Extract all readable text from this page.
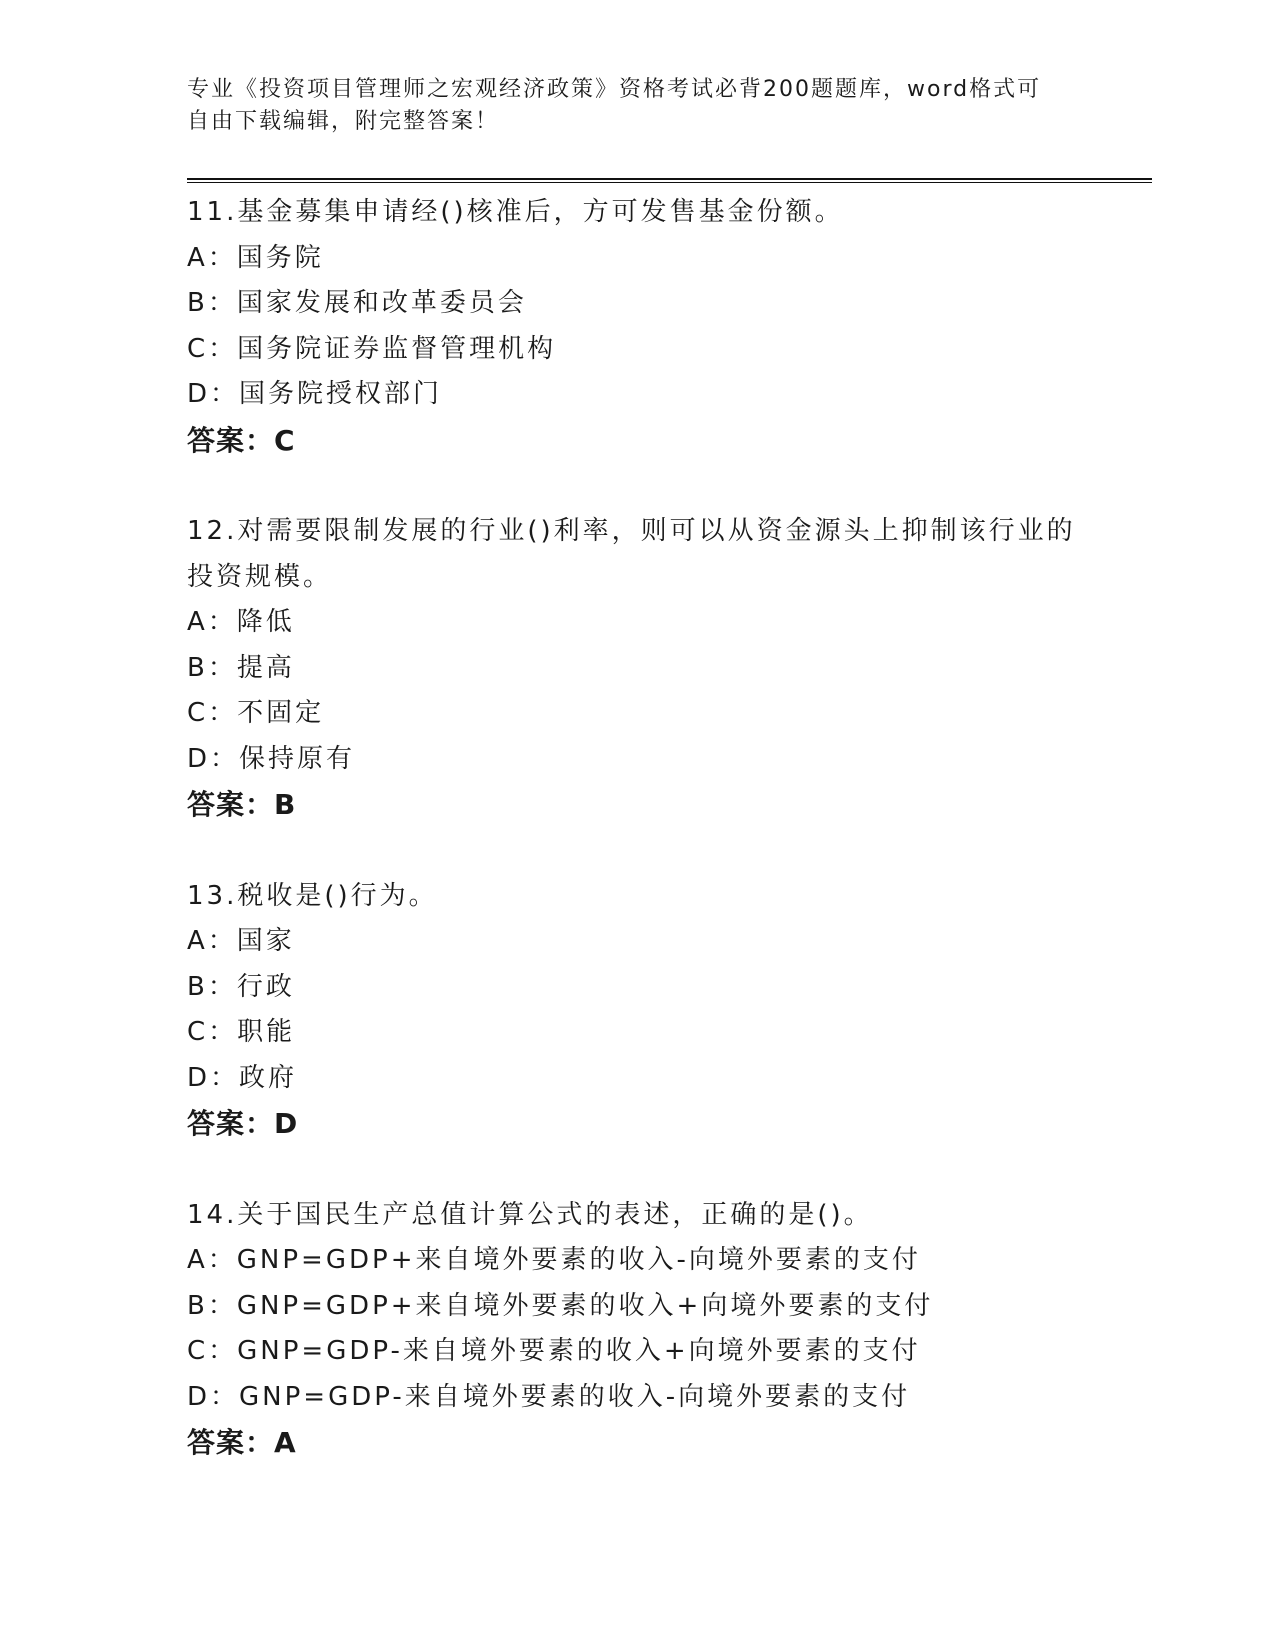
专业《投资项目管理师之宏观经济政策》资格考试必背200题题库，word格式可
自由下载编辑，附完整答案！
11.基金募集申请经()核准后，方可发售基金份额。
A：国务院
B：国家发展和改革委员会
C：国务院证券监督管理机构
D：国务院授权部门
答案：C
12.对需要限制发展的行业()利率，则可以从资金源头上抑制该行业的
投资规模。
A：降低
B：提高
C：不固定
D：保持原有
答案：B
13.税收是()行为。
A：国家
B：行政
C：职能
D：政府
答案：D
14.关于国民生产总值计算公式的表述，正确的是()。
A：GNP=GDP+来自境外要素的收入-向境外要素的支付
B：GNP=GDP+来自境外要素的收入+向境外要素的支付
C：GNP=GDP-来自境外要素的收入+向境外要素的支付
D：GNP=GDP-来自境外要素的收入-向境外要素的支付
答案：A
